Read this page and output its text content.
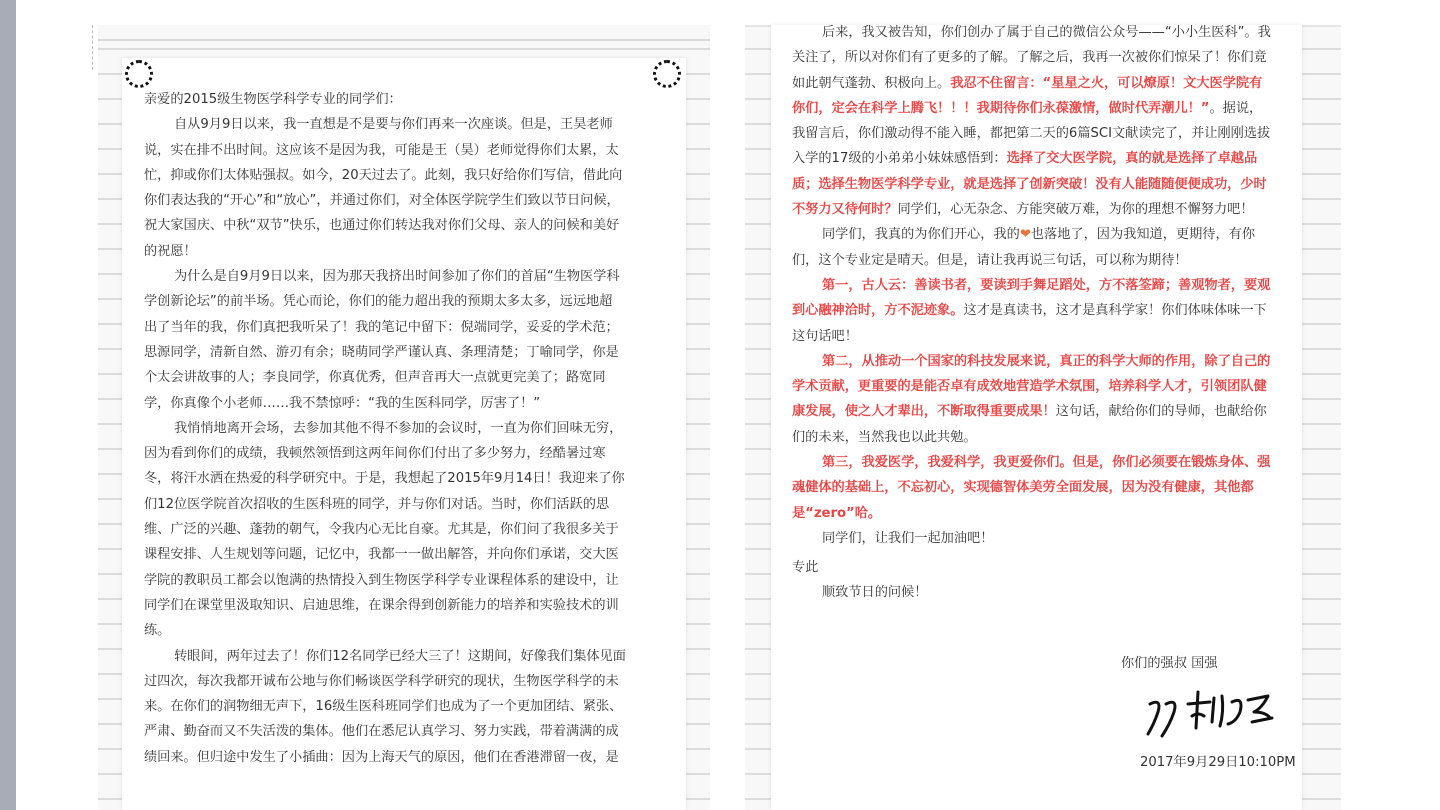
亲爱的2015级生物医学科学专业的同学们：

自从9月9日以来，我一直想是不是要与你们再来一次座谈。但是，王昊老师

说，实在排不出时间。这应该不是因为我，可能是王（昊）老师觉得你们太累，太

忙，抑或你们太体贴强叔。如今，20天过去了。此刻，我只好给你们写信，借此向

你们表达我的“开心”和“放心”，并通过你们，对全体医学院学生们致以节日问候，

祝大家国庆、中秋“双节”快乐，也通过你们转达我对你们父母、亲人的问候和美好

的祝愿！

为什么是自9月9日以来，因为那天我挤出时间参加了你们的首届“生物医学科

学创新论坛”的前半场。凭心而论，你们的能力超出我的预期太多太多，远远地超

出了当年的我，你们真把我听呆了！我的笔记中留下：倪端同学，妥妥的学术范；

思源同学，清新自然、游刃有余；晓萌同学严谨认真、条理清楚；丁喻同学，你是

个太会讲故事的人；李良同学，你真优秀，但声音再大一点就更完美了；路宽同

学，你真像个小老师……我不禁惊呼：“我的生医科同学，厉害了！”

我悄悄地离开会场，去参加其他不得不参加的会议时，一直为你们回味无穷，

因为看到你们的成绩，我顿然领悟到这两年间你们付出了多少努力，经酷暑过寒

冬，将汗水洒在热爱的科学研究中。于是，我想起了2015年9月14日！我迎来了你

们12位医学院首次招收的生医科班的同学，并与你们对话。当时，你们活跃的思

维、广泛的兴趣、蓬勃的朝气，令我内心无比自豪。尤其是，你们问了我很多关于

课程安排、人生规划等问题，记忆中，我都一一做出解答，并向你们承诺，交大医

学院的教职员工都会以饱满的热情投入到生物医学科学专业课程体系的建设中，让

同学们在课堂里汲取知识、启迪思维，在课余得到创新能力的培养和实验技术的训

练。

转眼间，两年过去了！你们12名同学已经大三了！这期间，好像我们集体见面

过四次，每次我都开诚布公地与你们畅谈医学科学研究的现状，生物医学科学的未

来。在你们的润物细无声下，16级生医科班同学们也成为了一个更加团结、紧张、

严肃、勤奋而又不失活泼的集体。他们在悉尼认真学习、努力实践，带着满满的成

绩回来。但归途中发生了小插曲：因为上海天气的原因，他们在香港滞留一夜，是

后来，我又被告知，你们创办了属于自己的微信公众号——“小小生医科”。我

关注了，所以对你们有了更多的了解。了解之后，我再一次被你们惊呆了！你们竟

如此朝气蓬勃、积极向上。我忍不住留言：“星星之火，可以燎原！文大医学院有

你们，定会在科学上腾飞！！！我期待你们永葆激情，做时代弄潮儿！”。据说，

我留言后，你们激动得不能入睡，都把第二天的6篇SCI文献读完了，并让刚刚选拔

入学的17级的小弟弟小妹妹感悟到：选择了交大医学院，真的就是选择了卓越品

质；选择生物医学科学专业，就是选择了创新突破！没有人能随随便便成功，少时

不努力又待何时？同学们，心无杂念、方能突破万难，为你的理想不懈努力吧！

同学们，我真的为你们开心，我的❤也落地了，因为我知道，更期待，有你

们，这个专业定是晴天。但是，请让我再说三句话，可以称为期待！

第一，古人云：善读书者，要读到手舞足蹈处，方不落筌蹄；善观物者，要观

到心融神洽时，方不泥迹象。这才是真读书，这才是真科学家！你们体味体味一下

这句话吧！

第二，从推动一个国家的科技发展来说，真正的科学大师的作用，除了自己的

学术贡献，更重要的是能否卓有成效地营造学术氛围，培养科学人才，引领团队健

康发展，使之人才辈出，不断取得重要成果！这句话，献给你们的导师，也献给你

们的未来，当然我也以此共勉。

第三，我爱医学，我爱科学，我更爱你们。但是，你们必须要在锻炼身体、强

魂健体的基础上，不忘初心，实现德智体美劳全面发展，因为没有健康，其他都

是“zero”哈。

同学们，让我们一起加油吧！

专此

顺致节日的问候！

你们的强叔 国强
2017年9月29日10:10PM
